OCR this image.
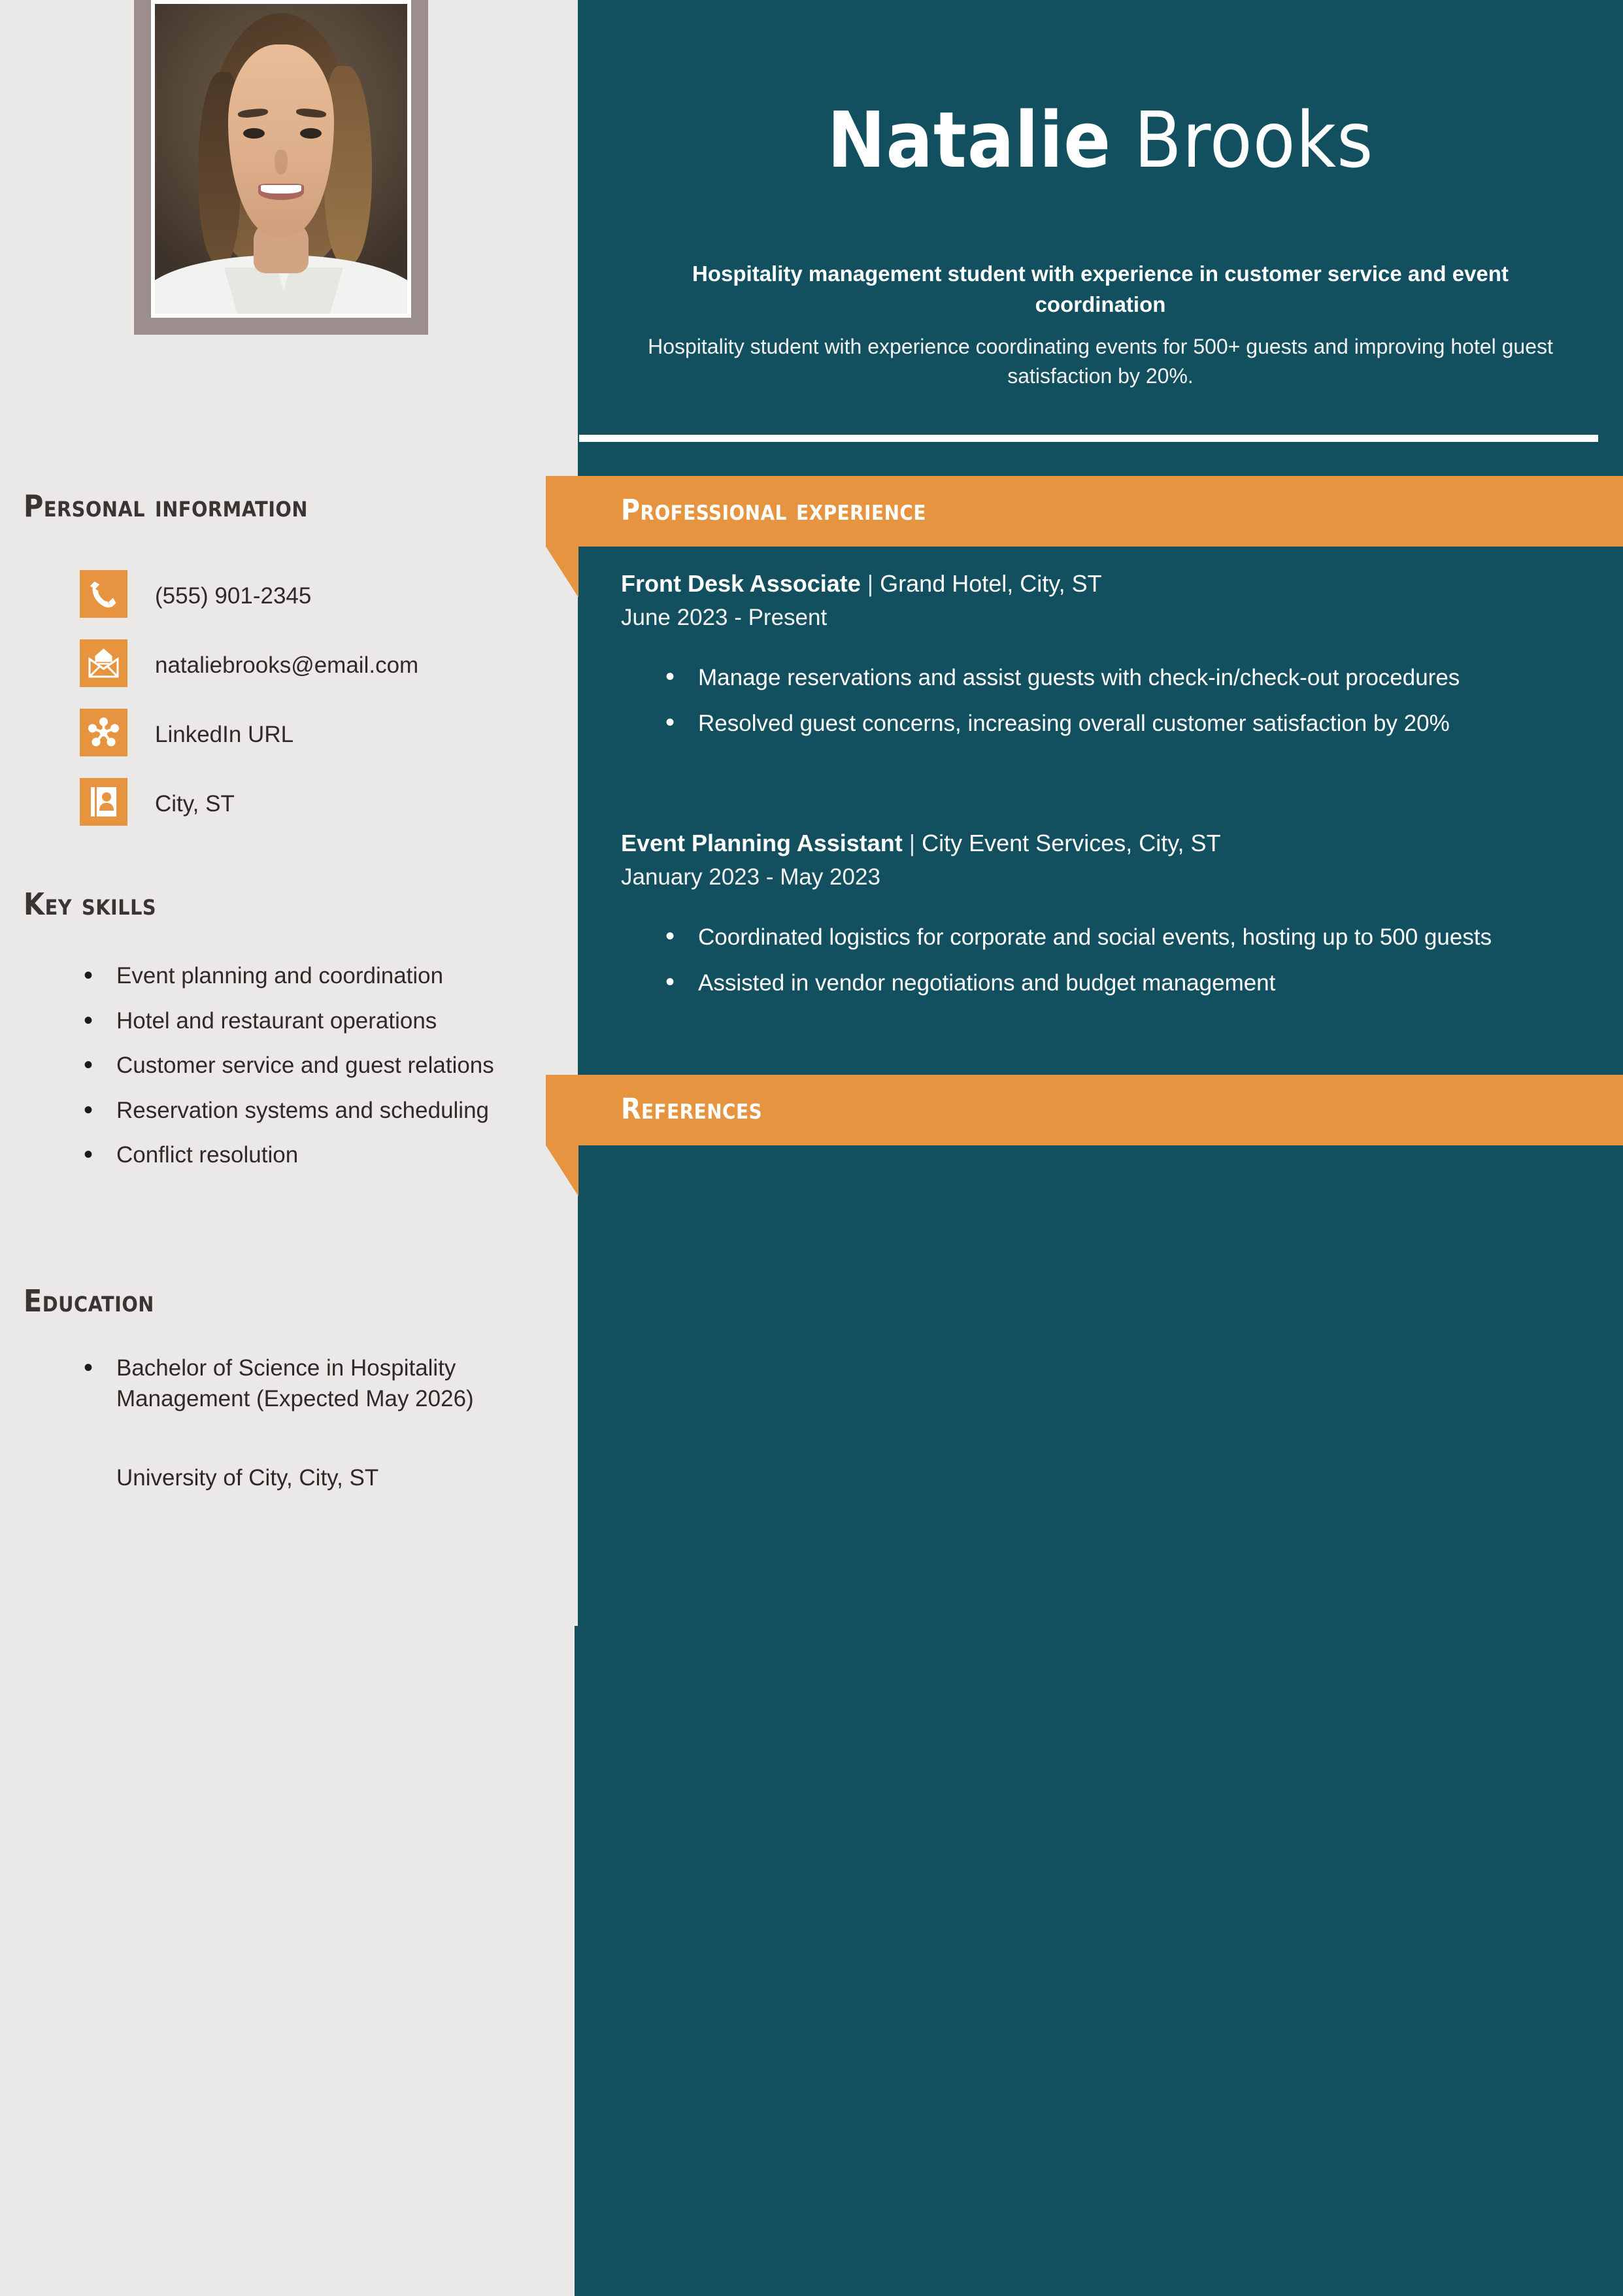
Natalie Brooks
Hospitality management student with experience in customer service and event coordination
Hospitality student with experience coordinating events for 500+ guests and improving hotel guest satisfaction by 20%.
Personal information
(555) 901-2345
nataliebrooks@email.com
LinkedIn URL
City, ST
Key skills
• Event planning and coordination
• Hotel and restaurant operations
• Customer service and guest relations
• Reservation systems and scheduling
• Conflict resolution
Education
• Bachelor of Science in Hospitality Management (Expected May 2026)
University of City, City, ST
Professional experience
Front Desk Associate | Grand Hotel, City, ST
June 2023 - Present
• Manage reservations and assist guests with check-in/check-out procedures
• Resolved guest concerns, increasing overall customer satisfaction by 20%
Event Planning Assistant | City Event Services, City, ST
January 2023 - May 2023
• Coordinated logistics for corporate and social events, hosting up to 500 guests
• Assisted in vendor negotiations and budget management
References
